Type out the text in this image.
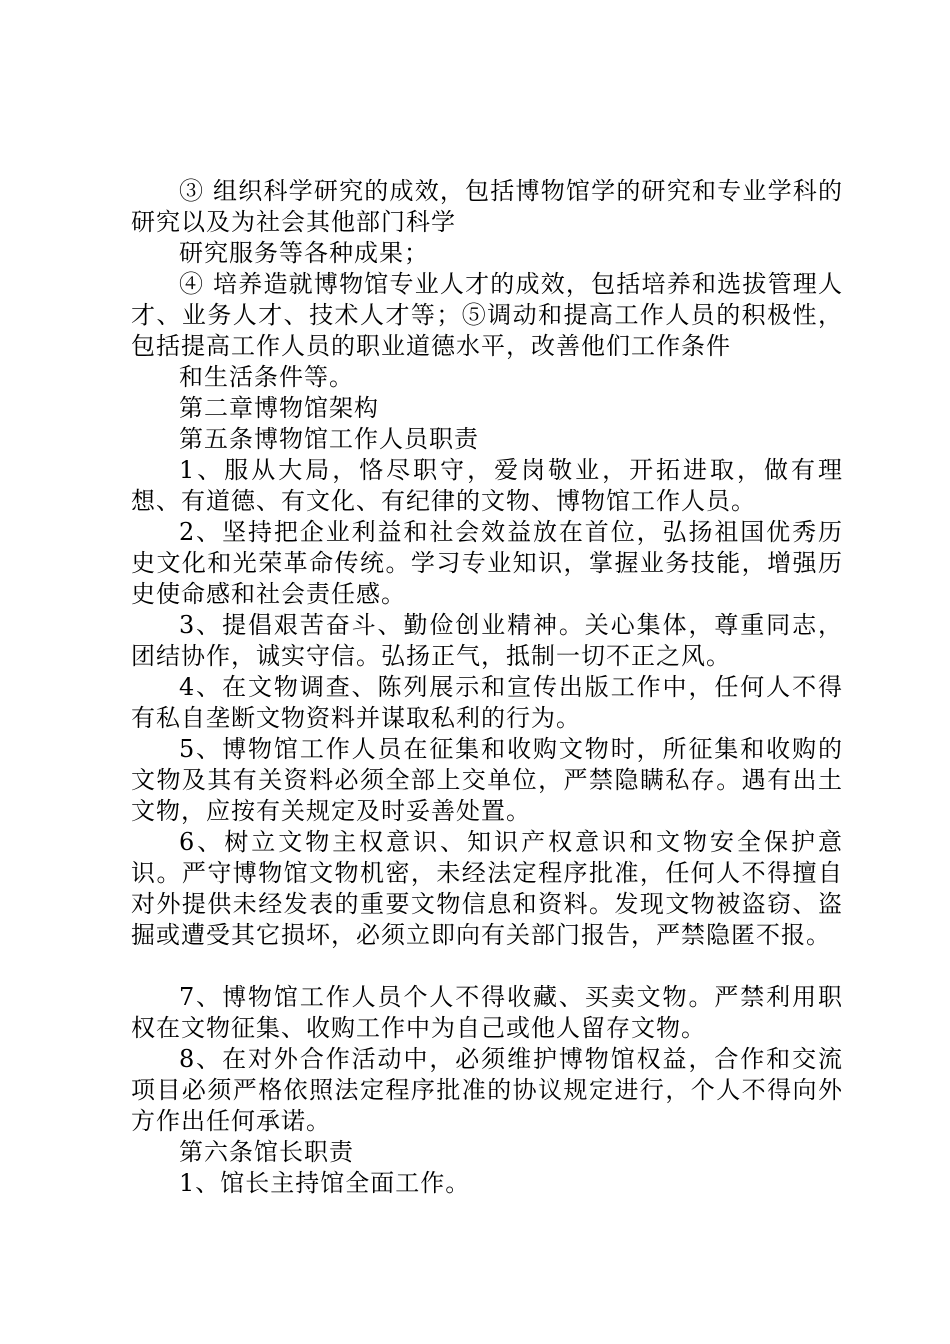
③ 组织科学研究的成效，包括博物馆学的研究和专业学科的研究以及为社会其他部门科学

研究服务等各种成果；

④ 培养造就博物馆专业人才的成效，包括培养和选拔管理人才、业务人才、技术人才等；⑤调动和提高工作人员的积极性，包括提高工作人员的职业道德水平，改善他们工作条件

和生活条件等。

第二章博物馆架构

第五条博物馆工作人员职责

1、服从大局，恪尽职守，爱岗敬业，开拓进取，做有理想、有道德、有文化、有纪律的文物、博物馆工作人员。

2、坚持把企业利益和社会效益放在首位，弘扬祖国优秀历史文化和光荣革命传统。学习专业知识，掌握业务技能，增强历史使命感和社会责任感。

3、提倡艰苦奋斗、勤俭创业精神。关心集体，尊重同志，团结协作，诚实守信。弘扬正气，抵制一切不正之风。

4、在文物调查、陈列展示和宣传出版工作中，任何人不得有私自垄断文物资料并谋取私利的行为。

5、博物馆工作人员在征集和收购文物时，所征集和收购的文物及其有关资料必须全部上交单位，严禁隐瞒私存。遇有出土文物，应按有关规定及时妥善处置。

6、树立文物主权意识、知识产权意识和文物安全保护意识。严守博物馆文物机密，未经法定程序批准，任何人不得擅自对外提供未经发表的重要文物信息和资料。发现文物被盗窃、盗掘或遭受其它损坏，必须立即向有关部门报告，严禁隐匿不报。

7、博物馆工作人员个人不得收藏、买卖文物。严禁利用职权在文物征集、收购工作中为自己或他人留存文物。

8、在对外合作活动中，必须维护博物馆权益，合作和交流项目必须严格依照法定程序批准的协议规定进行，个人不得向外方作出任何承诺。

第六条馆长职责

1、馆长主持馆全面工作。
